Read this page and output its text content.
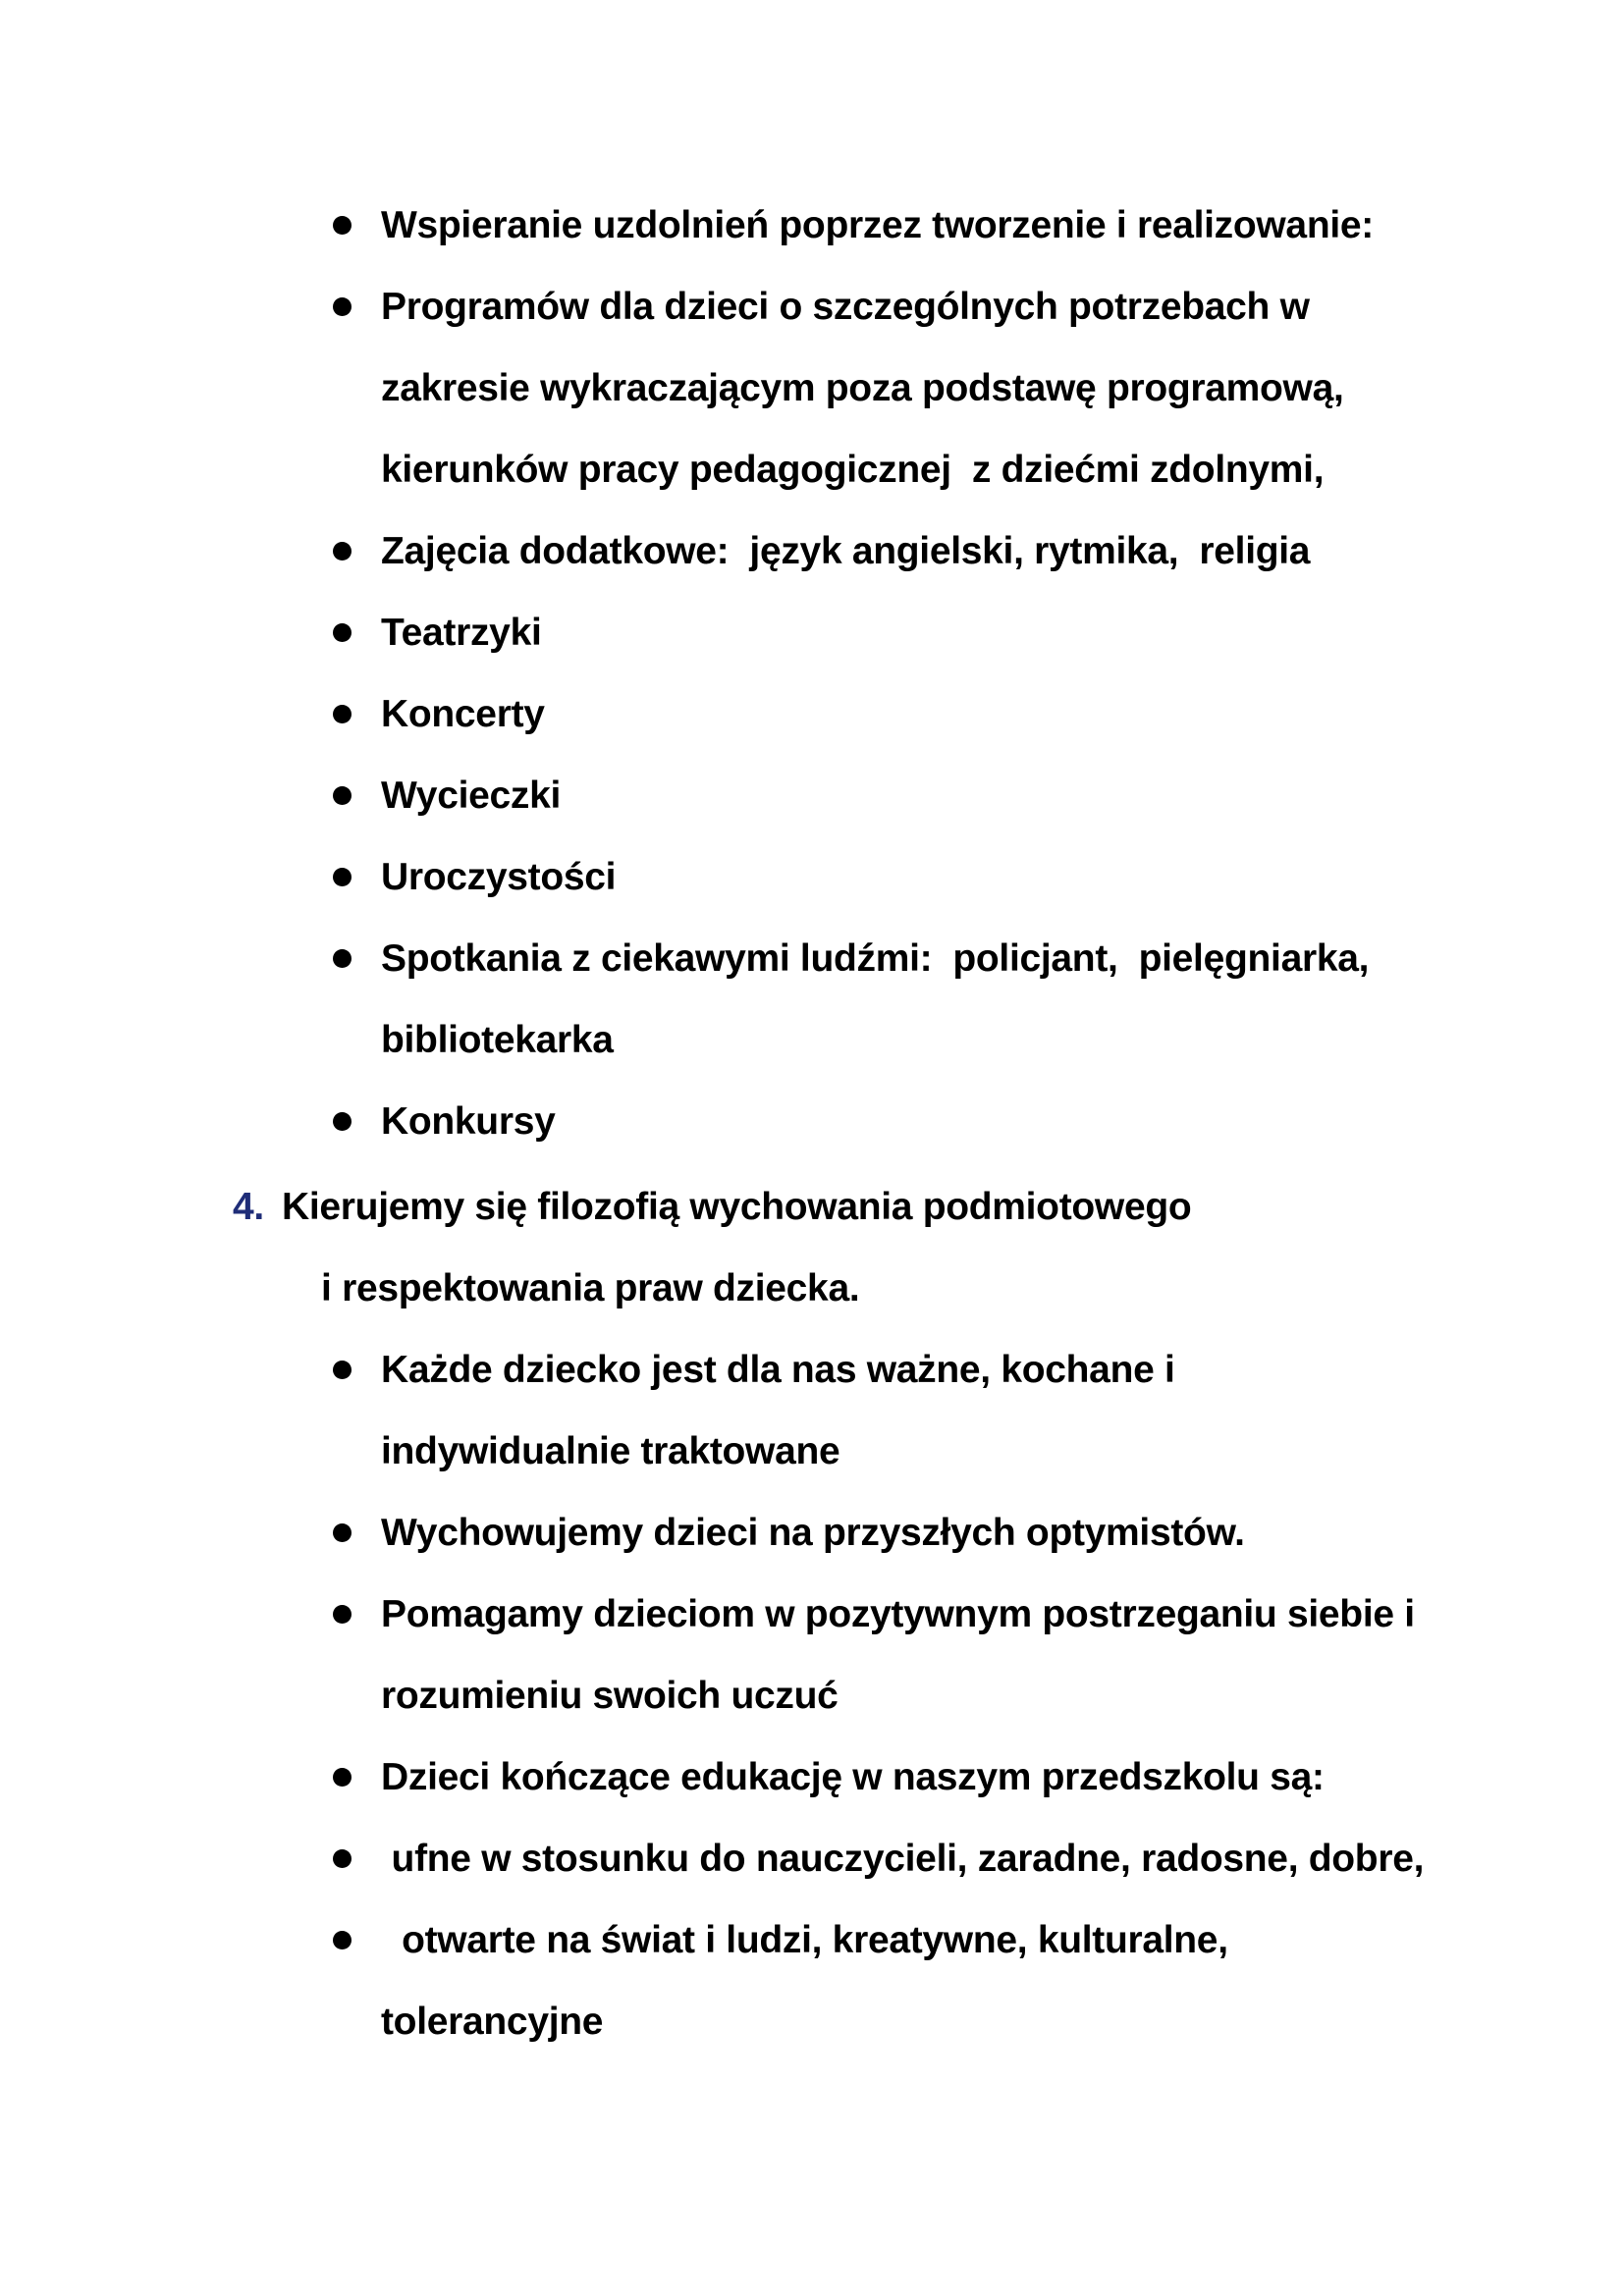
Wspieranie uzdolnień poprzez tworzenie i realizowanie:
Programów dla dzieci o szczególnych potrzebach w
zakresie wykraczającym poza podstawę programową,
kierunków pracy pedagogicznej  z dziećmi zdolnymi,
Zajęcia dodatkowe:  język angielski, rytmika,  religia
Teatrzyki
Koncerty
Wycieczki
Uroczystości
Spotkania z ciekawymi ludźmi:  policjant,  pielęgniarka,
bibliotekarka
Konkursy
4. Kierujemy się filozofią wychowania podmiotowego
i respektowania praw dziecka.
Każde dziecko jest dla nas ważne, kochane i
indywidualnie traktowane
Wychowujemy dzieci na przyszłych optymistów.
Pomagamy dzieciom w pozytywnym postrzeganiu siebie i
rozumieniu swoich uczuć
Dzieci kończące edukację w naszym przedszkolu są:
ufne w stosunku do nauczycieli, zaradne, radosne, dobre,
otwarte na świat i ludzi, kreatywne, kulturalne,
tolerancyjne
